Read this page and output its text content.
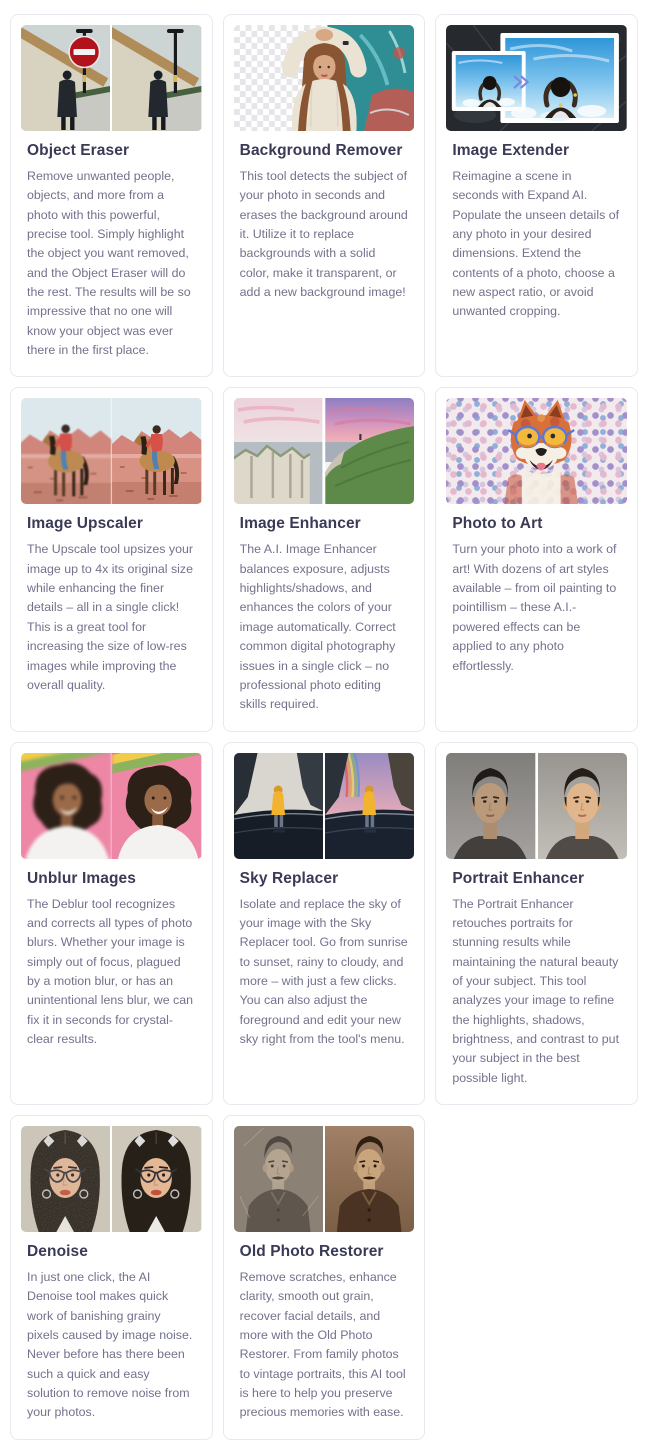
Object Eraser

Remove unwanted people, objects, and more from a photo with this powerful, precise tool. Simply highlight the object you want removed, and the Object Eraser will do the rest. The results will be so impressive that no one will know your object was ever there in the first place.

Background Remover

This tool detects the subject of your photo in seconds and erases the background around it. Utilize it to replace backgrounds with a solid color, make it transparent, or add a new background image!

Image Extender

Reimagine a scene in seconds with Expand AI. Populate the unseen details of any photo in your desired dimensions. Extend the contents of a photo, choose a new aspect ratio, or avoid unwanted cropping.

Image Upscaler

The Upscale tool upsizes your image up to 4x its original size while enhancing the finer details – all in a single click! This is a great tool for increasing the size of low-res images while improving the overall quality.

Image Enhancer

The A.I. Image Enhancer balances exposure, adjusts highlights/shadows, and enhances the colors of your image automatically. Correct common digital photography issues in a single click – no professional photo editing skills required.

Photo to Art

Turn your photo into a work of art! With dozens of art styles available – from oil painting to pointillism – these A.I.-powered effects can be applied to any photo effortlessly.

Unblur Images

The Deblur tool recognizes and corrects all types of photo blurs. Whether your image is simply out of focus, plagued by a motion blur, or has an unintentional lens blur, we can fix it in seconds for crystal-clear results.

Sky Replacer

Isolate and replace the sky of your image with the Sky Replacer tool. Go from sunrise to sunset, rainy to cloudy, and more – with just a few clicks. You can also adjust the foreground and edit your new sky right from the tool's menu.

Portrait Enhancer

The Portrait Enhancer retouches portraits for stunning results while maintaining the natural beauty of your subject. This tool analyzes your image to refine the highlights, shadows, brightness, and contrast to put your subject in the best possible light.

Denoise

In just one click, the AI Denoise tool makes quick work of banishing grainy pixels caused by image noise. Never before has there been such a quick and easy solution to remove noise from your photos.

Old Photo Restorer

Remove scratches, enhance clarity, smooth out grain, recover facial details, and more with the Old Photo Restorer. From family photos to vintage portraits, this AI tool is here to help you preserve precious memories with ease.
